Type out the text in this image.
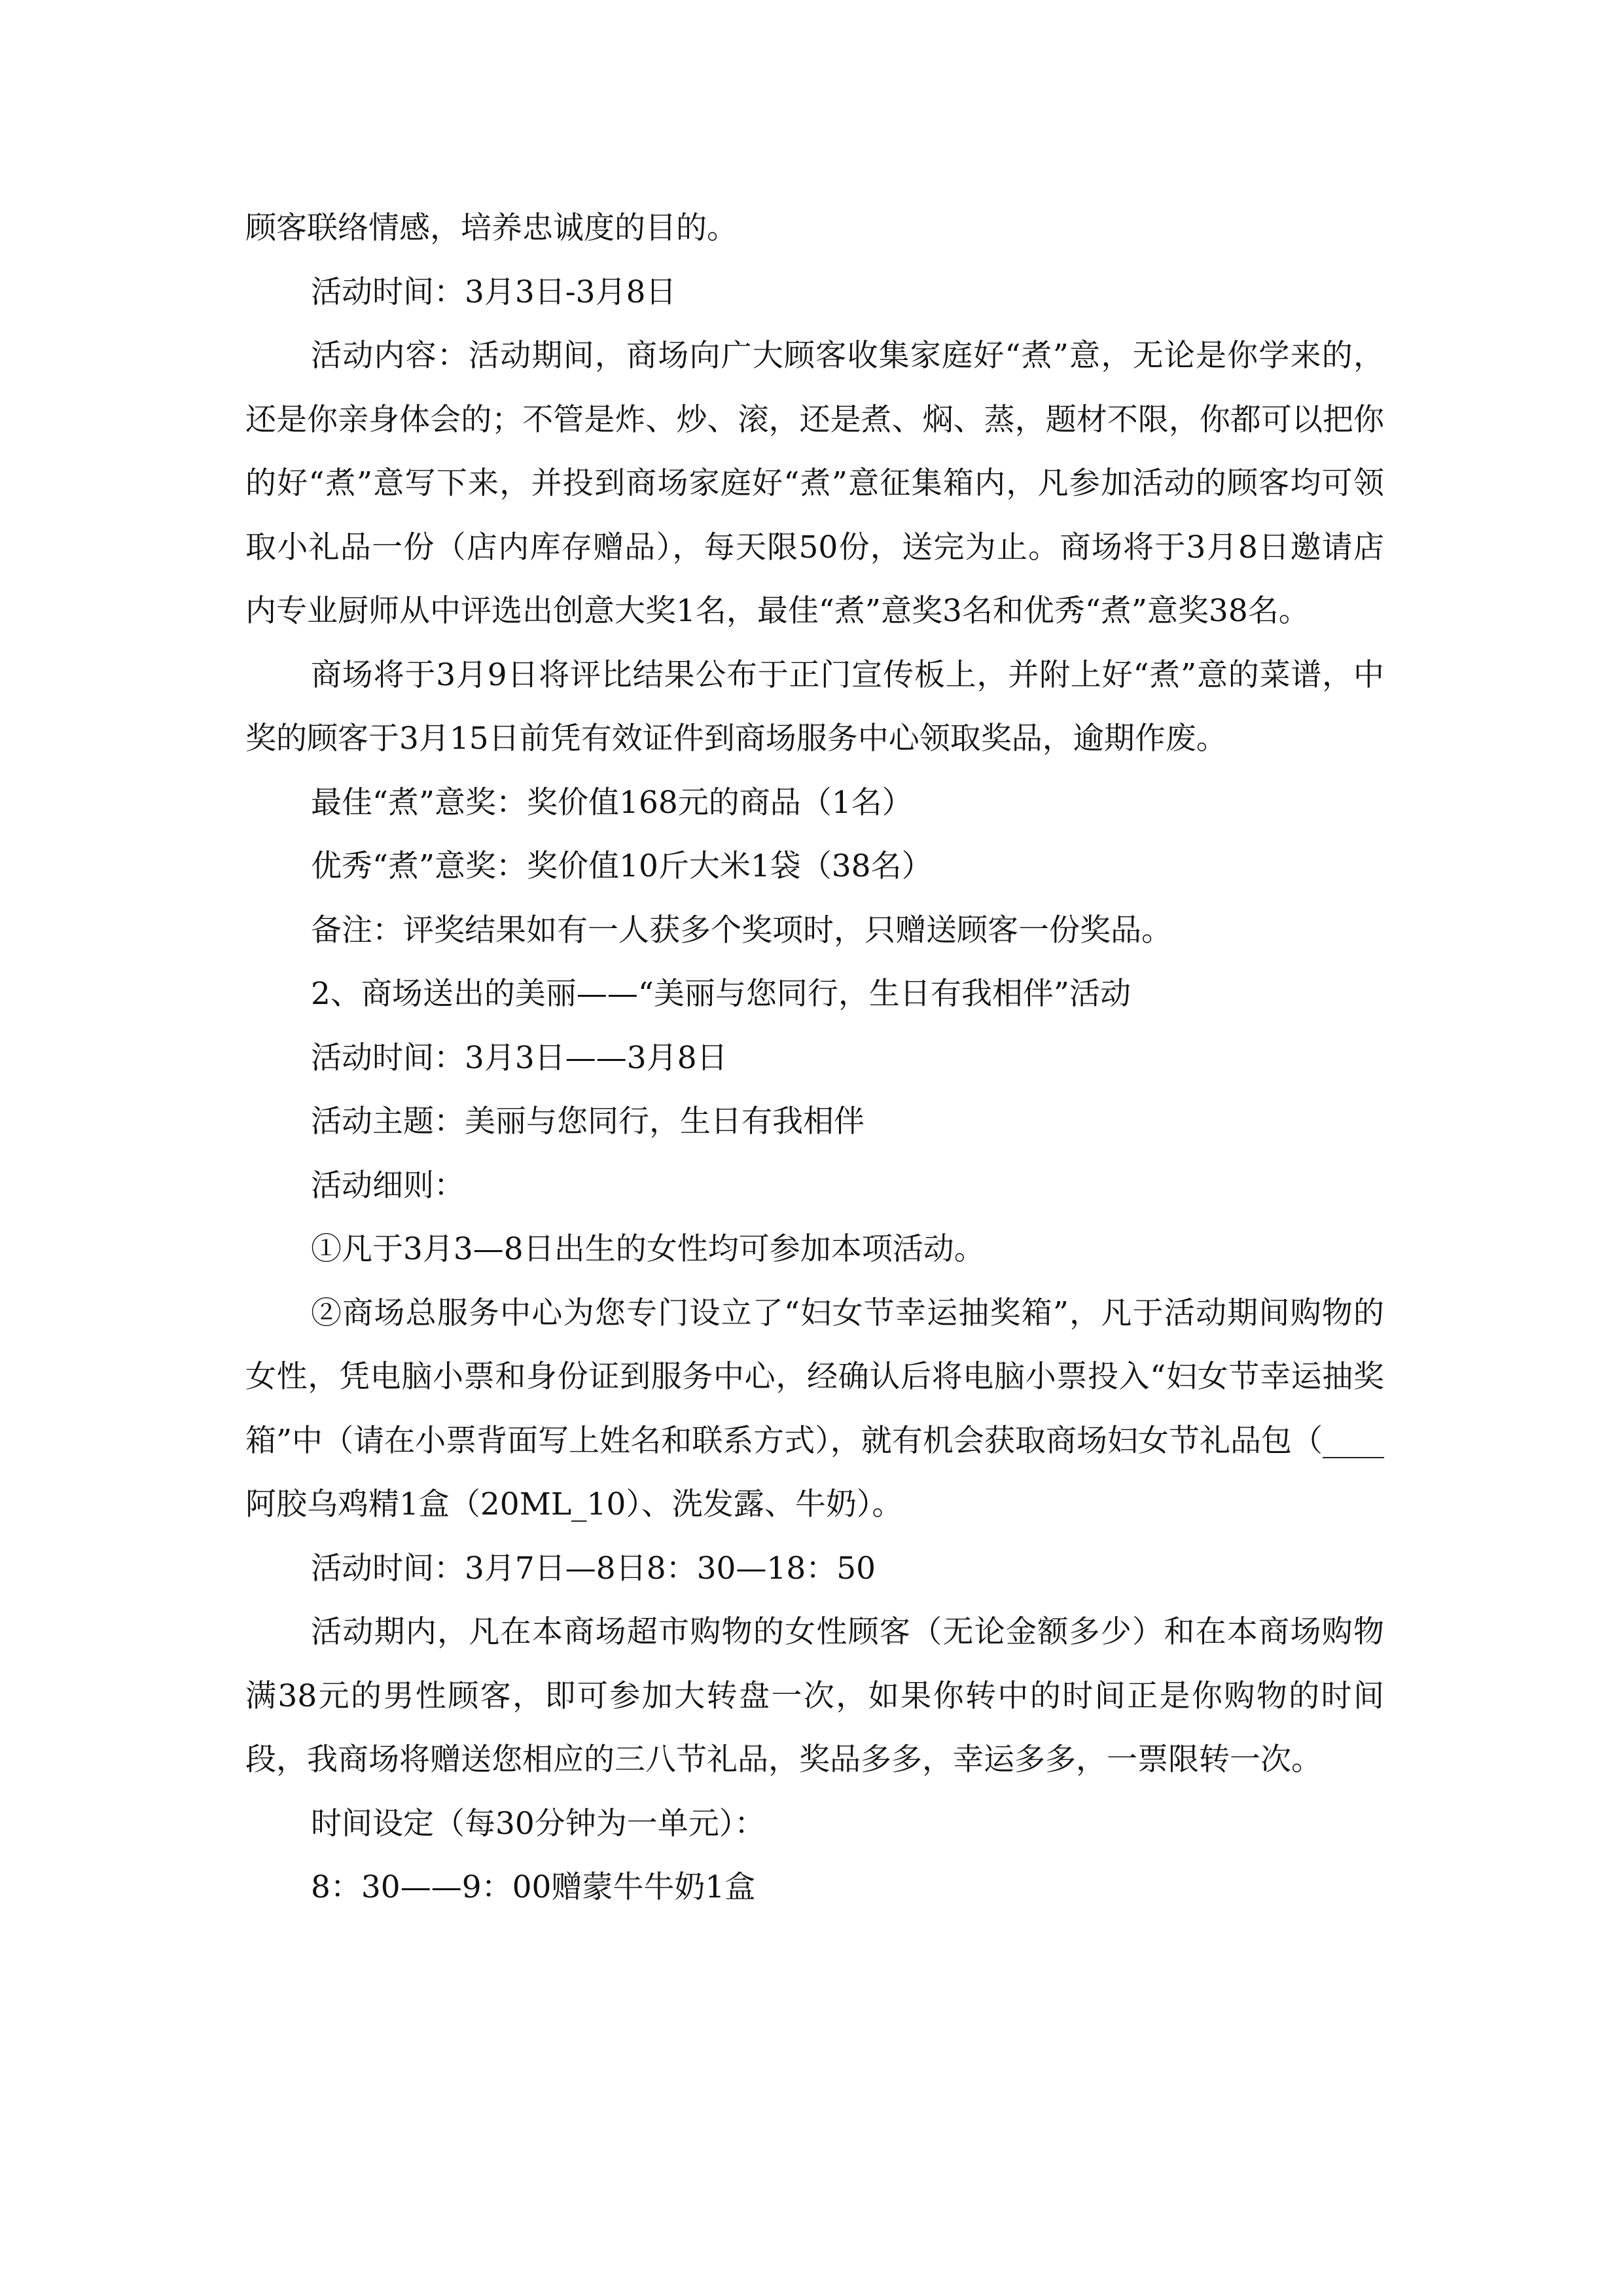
顾客联络情感，培养忠诚度的目的。

活动时间：3月3日-3月8日

活动内容：活动期间，商场向广大顾客收集家庭好“煮”意，无论是你学来的，还是你亲身体会的；不管是炸、炒、滚，还是煮、焖、蒸，题材不限，你都可以把你的好“煮”意写下来，并投到商场家庭好“煮”意征集箱内，凡参加活动的顾客均可领取小礼品一份（店内库存赠品），每天限50份，送完为止。商场将于3月8日邀请店内专业厨师从中评选出创意大奖1名，最佳“煮”意奖3名和优秀“煮”意奖38名。

商场将于3月9日将评比结果公布于正门宣传板上，并附上好“煮”意的菜谱，中奖的顾客于3月15日前凭有效证件到商场服务中心领取奖品，逾期作废。

最佳“煮”意奖：奖价值168元的商品（1名）

优秀“煮”意奖：奖价值10斤大米1袋（38名）

备注：评奖结果如有一人获多个奖项时，只赠送顾客一份奖品。

2、商场送出的美丽——“美丽与您同行，生日有我相伴”活动

活动时间：3月3日——3月8日

活动主题：美丽与您同行，生日有我相伴

活动细则：

①凡于3月3—8日出生的女性均可参加本项活动。

②商场总服务中心为您专门设立了“妇女节幸运抽奖箱”，凡于活动期间购物的女性，凭电脑小票和身份证到服务中心，经确认后将电脑小票投入“妇女节幸运抽奖箱”中（请在小票背面写上姓名和联系方式），就有机会获取商场妇女节礼品包（____阿胶乌鸡精1盒（20ML_10）、洗发露、牛奶）。

活动时间：3月7日—8日8：30—18：50

活动期内，凡在本商场超市购物的女性顾客（无论金额多少）和在本商场购物满38元的男性顾客，即可参加大转盘一次，如果你转中的时间正是你购物的时间段，我商场将赠送您相应的三八节礼品，奖品多多，幸运多多，一票限转一次。

时间设定（每30分钟为一单元）：

8：30——9：00赠蒙牛牛奶1盒
